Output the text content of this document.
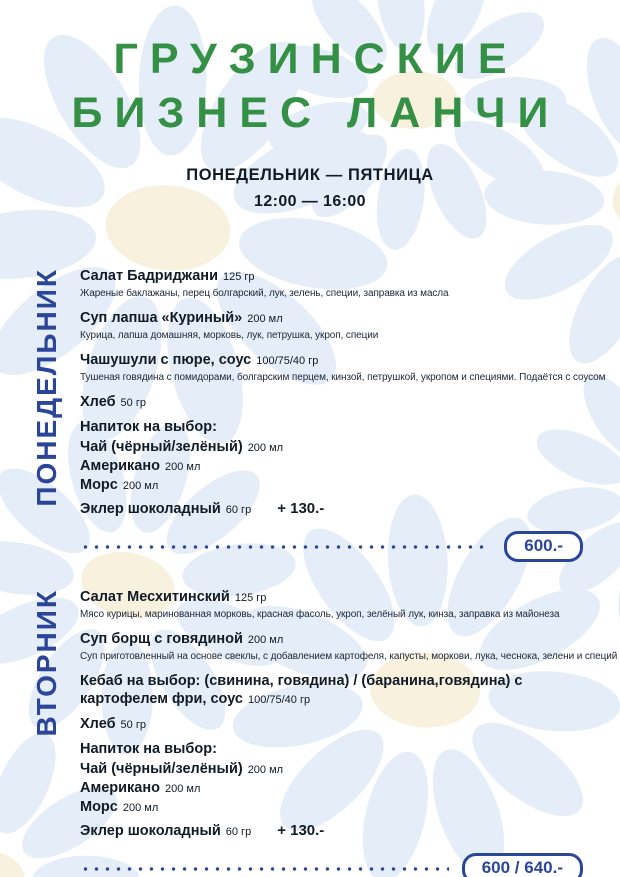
ГРУЗИНСКИЕ
БИЗНЕС ЛАНЧИ
ПОНЕДЕЛЬНИК — ПЯТНИЦА
12:00 — 16:00
ПОНЕДЕЛЬНИК Салат Бадриджани 125 гр
Жареные баклажаны, перец болгарский, лук, зелень, специи, заправка из масла
Суп лапша «Куриный» 200 мл
Курица, лапша домашняя, морковь, лук, петрушка, укроп, специи
Чашушули с пюре, соус 100/75/40 гр
Тушеная говядина с помидорами, болгарским перцем, кинзой, петрушкой, укропом и специями. Подаётся с соусом
Хлеб 50 гр
Напиток на выбор:
Чай (чёрный/зелёный) 200 мл
Американо 200 мл
Морс 200 мл
Эклер шоколадный 60 гр + 130.-
600.-
ВТОРНИК Салат Месхитинский 125 гр
Мясо курицы, маринованная морковь, красная фасоль, укроп, зелёный лук, кинза, заправка из майонеза
Суп борщ с говядиной 200 мл
Суп приготовленный на основе свеклы, с добавлением картофеля, капусты, моркови, лука, чеснока, зелени и специй
Кебаб на выбор: (свинина, говядина) / (баранина,говядина) с картофелем фри, соус 100/75/40 гр
Хлеб 50 гр
Напиток на выбор:
Чай (чёрный/зелёный) 200 мл
Американо 200 мл
Морс 200 мл
Эклер шоколадный 60 гр + 130.-
600 / 640.-
